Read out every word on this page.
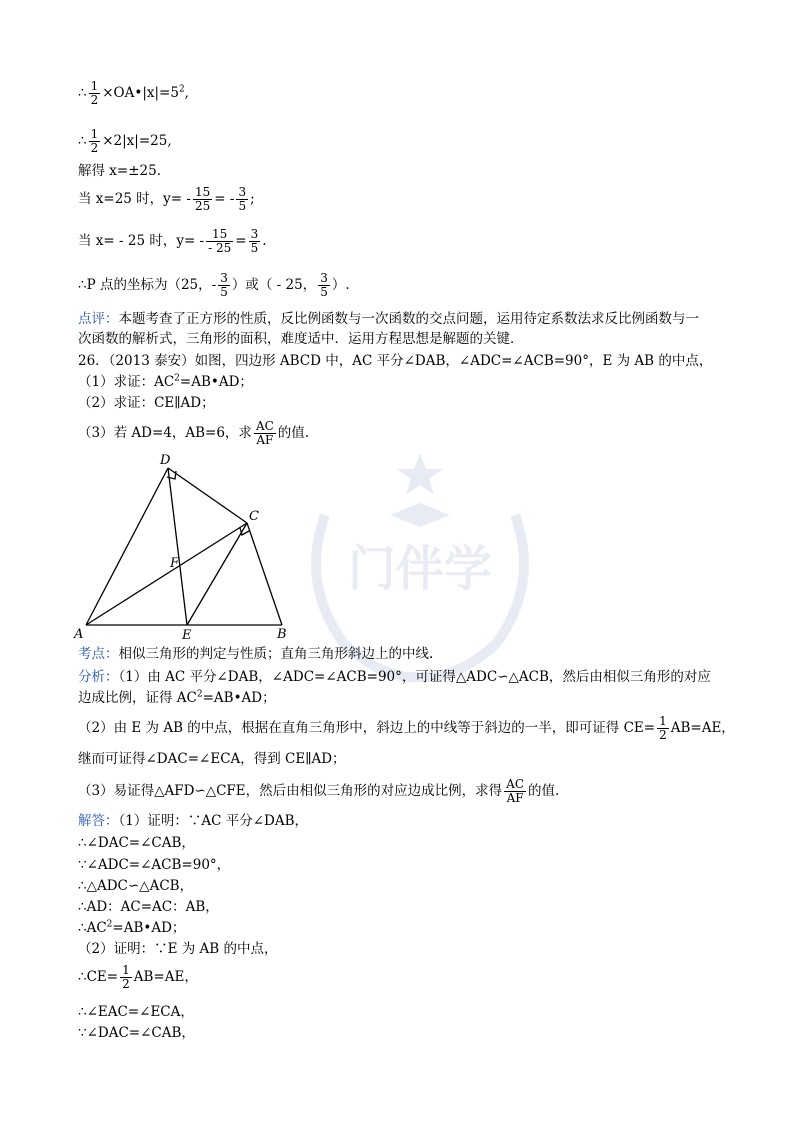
门伴学
∴ $\frac{1}{2}$ $\times OA•|x|=5^2$,
∴ $\frac{1}{2} \times 2|x|=25$,
解得 x=±25.
当 x=25 时，$y= - \frac{15}{25}$ = - $\frac{3}{5}$ ;
当 x= - 25 时，$y= - \frac{15}{- 25} = \frac{3}{5}$ .
∴P 点的坐标为（25，- $\frac{3}{5}$ ）或（ - 25， $\frac{3}{5}$ ）.
点评：本题考查了正方形的性质，反比例函数与一次函数的交点问题，运用待定系数法求反比例函数与一
次函数的解析式，三角形的面积，难度适中．运用方程思想是解题的关键．
26．（2013 泰安）如图，四边形 ABCD 中，AC 平分∠DAB，∠ADC=∠ACB=90°，E 为 AB 的中点，
（1）求证：$AC^2=AB•AD$；
（2）求证：CE∥AD；
（3）若 AD=4，AB=6，求 $\frac{AC}{AF}$ 的值.
D
C
F
A	E	B
考点：相似三角形的判定与性质；直角三角形斜边上的中线.
分析：（1）由 AC 平分∠DAB，∠ADC=∠ACB=90°，可证得△ADC∽△ACB，然后由相似三角形的对应
边成比例，证得 $AC^2=AB•AD$；
（2）由 E 为 AB 的中点，根据在直角三角形中，斜边上的中线等于斜边的一半，即可证得 $CE= \frac{1}{2} AB=AE$，
继而可证得∠DAC=∠ECA，得到 CE∥AD；
（3）易证得△AFD∽△CFE，然后由相似三角形的对应边成比例，求得 $\frac{AC}{AF}$ 的值.
解答：（1）证明：∵AC 平分∠DAB，
∴∠DAC=∠CAB，
∵∠ADC=∠ACB=90°，
∴△ADC∽△ACB，
∴AD：AC=AC：AB，
$\therefore AC^2=AB•AD$；
（2）证明：∵E 为 AB 的中点，
∴CE= $\frac{1}{2} AB=AE$，
∴∠EAC=∠ECA，
∵∠DAC=∠CAB，
